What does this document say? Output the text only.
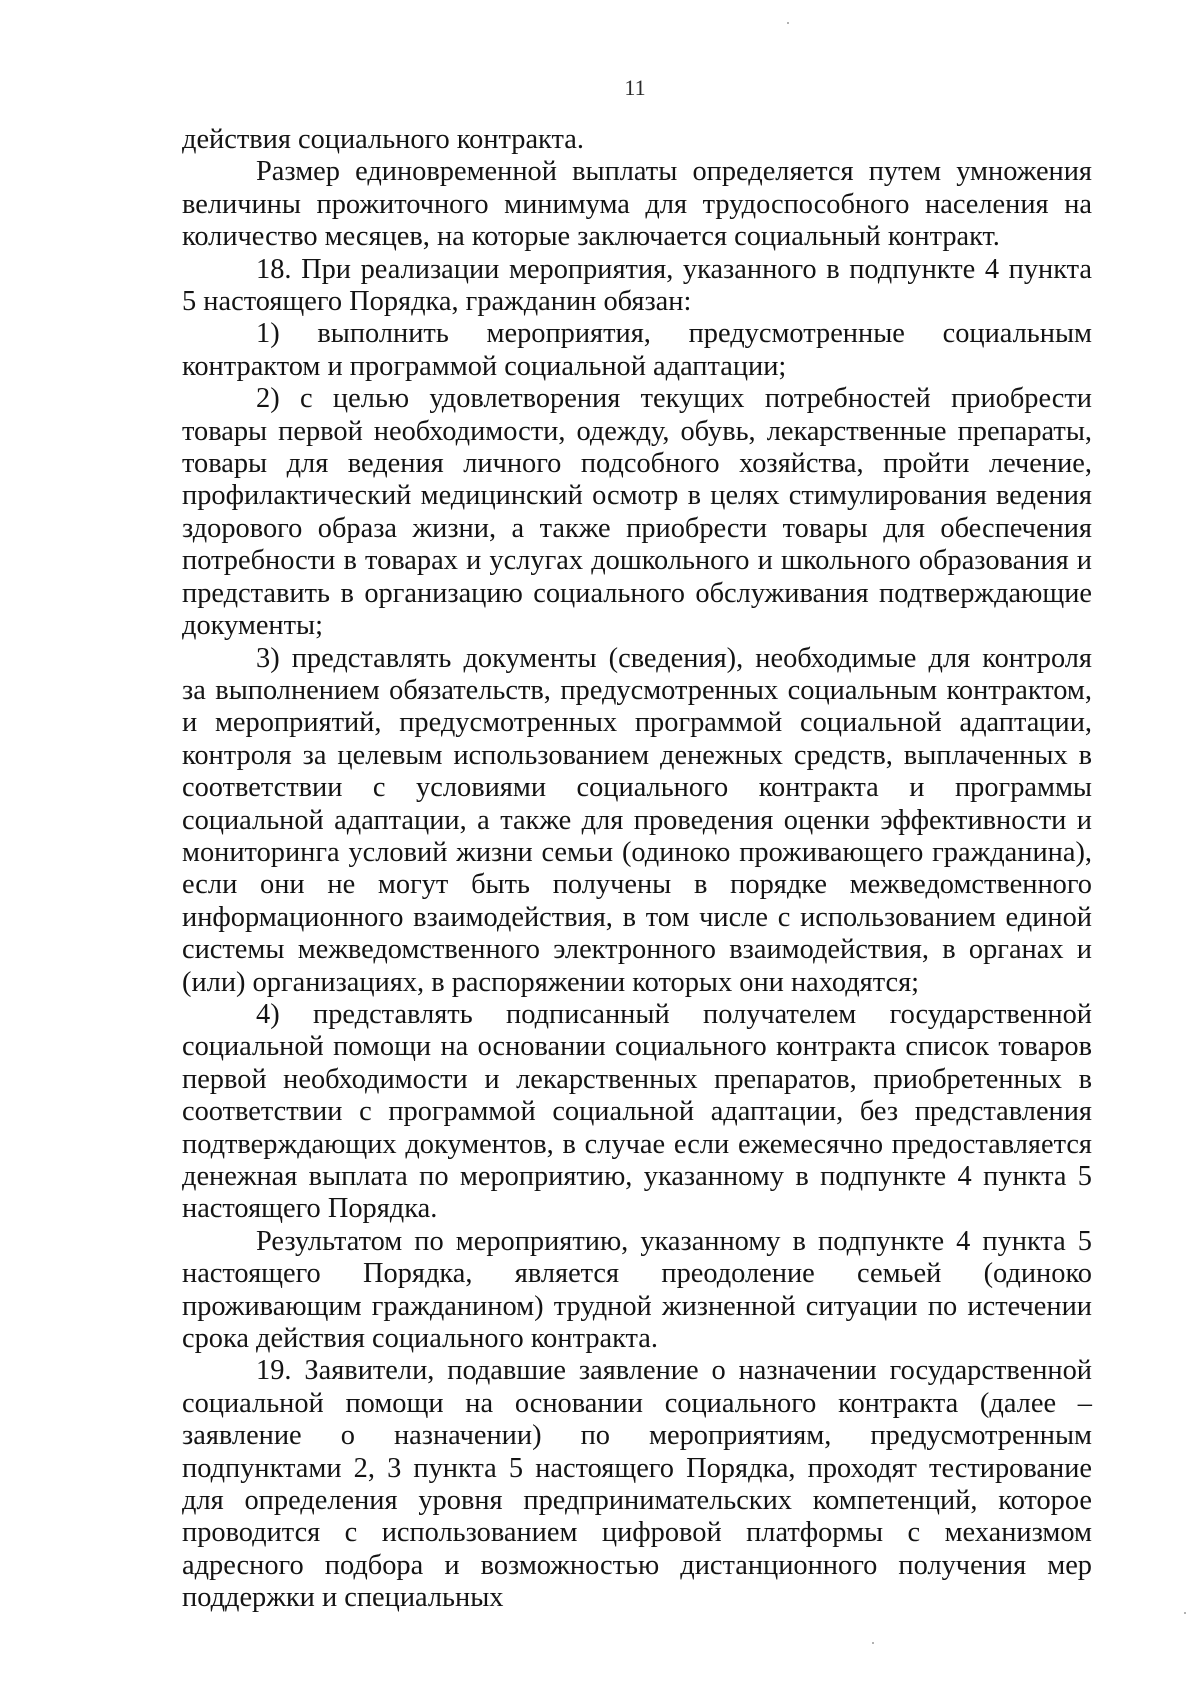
11

действия социального контракта.

Размер единовременной выплаты определяется путем умножения величины прожиточного минимума для трудоспособного населения на количество месяцев, на которые заключается социальный контракт.

18. При реализации мероприятия, указанного в подпункте 4 пункта 5 настоящего Порядка, гражданин обязан:

1) выполнить мероприятия, предусмотренные социальным контрактом и программой социальной адаптации;

2) с целью удовлетворения текущих потребностей приобрести товары первой необходимости, одежду, обувь, лекарственные препараты, товары для ведения личного подсобного хозяйства, пройти лечение, профилактический медицинский осмотр в целях стимулирования ведения здорового образа жизни, а также приобрести товары для обеспечения потребности в товарах и услугах дошкольного и школьного образования и представить в организацию социального обслуживания подтверждающие документы;

3) представлять документы (сведения), необходимые для контроля за выполнением обязательств, предусмотренных социальным контрактом, и мероприятий, предусмотренных программой социальной адаптации, контроля за целевым использованием денежных средств, выплаченных в соответствии с условиями социального контракта и программы социальной адаптации, а также для проведения оценки эффективности и мониторинга условий жизни семьи (одиноко проживающего гражданина), если они не могут быть получены в порядке межведомственного информационного взаимодействия, в том числе с использованием единой системы межведомственного электронного взаимодействия, в органах и (или) организациях, в распоряжении которых они находятся;

4) представлять подписанный получателем государственной социальной помощи на основании социального контракта список товаров первой необходимости и лекарственных препаратов, приобретенных в соответствии с программой социальной адаптации, без представления подтверждающих документов, в случае если ежемесячно предоставляется денежная выплата по мероприятию, указанному в подпункте 4 пункта 5 настоящего Порядка.

Результатом по мероприятию, указанному в подпункте 4 пункта 5 настоящего Порядка, является преодоление семьей (одиноко проживающим гражданином) трудной жизненной ситуации по истечении срока действия социального контракта.

19. Заявители, подавшие заявление о назначении государственной социальной помощи на основании социального контракта (далее – заявление о назначении) по мероприятиям, предусмотренным подпунктами 2, 3 пункта 5 настоящего Порядка, проходят тестирование для определения уровня предпринимательских компетенций, которое проводится с использованием цифровой платформы с механизмом адресного подбора и возможностью дистанционного получения мер поддержки и специальных
